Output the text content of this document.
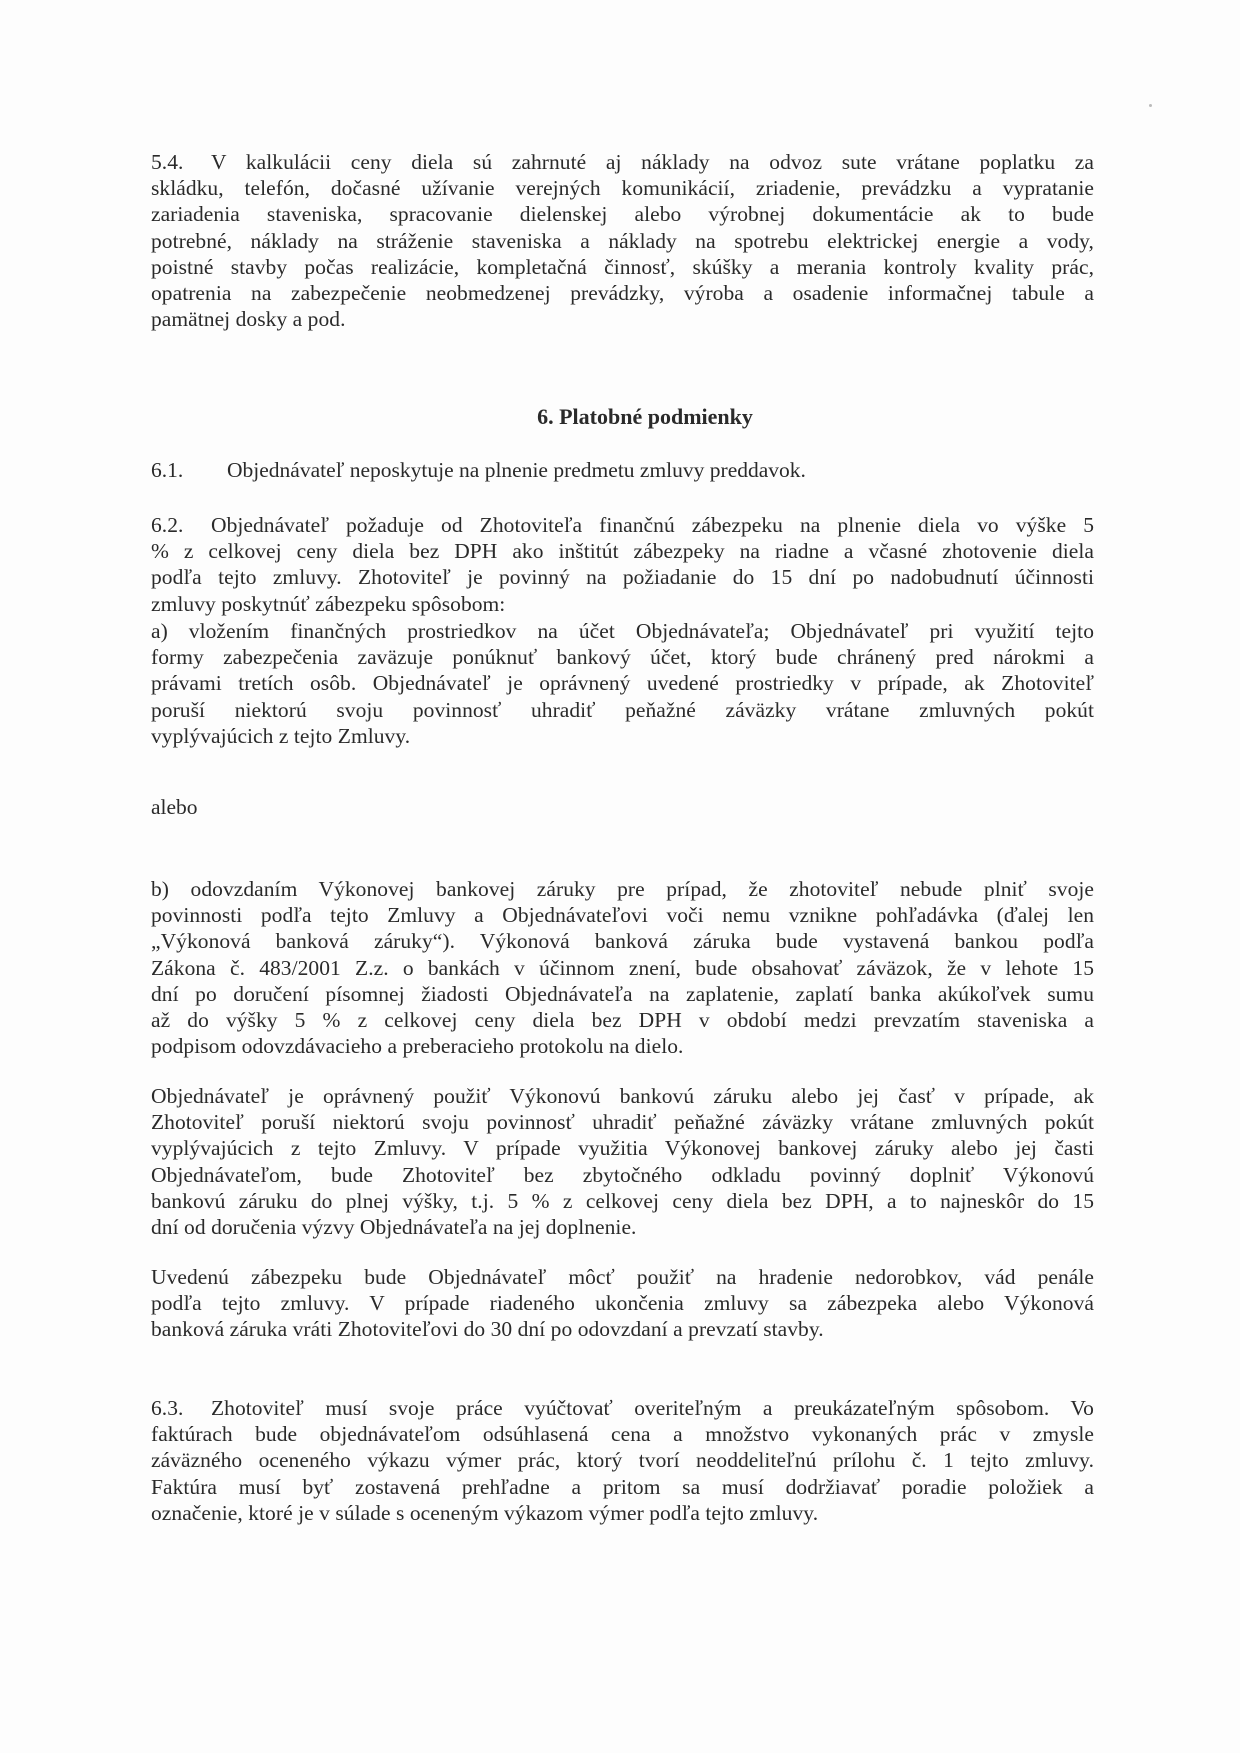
5.4. V kalkulácii ceny diela sú zahrnuté aj náklady na odvoz sute vrátane poplatku za
skládku, telefón, dočasné užívanie verejných komunikácií, zriadenie, prevádzku a vypratanie
zariadenia staveniska, spracovanie dielenskej alebo výrobnej dokumentácie ak to bude
potrebné, náklady na stráženie staveniska a náklady na spotrebu elektrickej energie a vody,
poistné stavby počas realizácie, kompletačná činnosť, skúšky a merania kontroly kvality prác,
opatrenia na zabezpečenie neobmedzenej prevádzky, výroba a osadenie informačnej tabule a
pamätnej dosky a pod.
6. Platobné podmienky
6.1. Objednávateľ neposkytuje na plnenie predmetu zmluvy preddavok.
6.2. Objednávateľ požaduje od Zhotoviteľa finančnú zábezpeku na plnenie diela vo výške 5
% z celkovej ceny diela bez DPH ako inštitút zábezpeky na riadne a včasné zhotovenie diela
podľa tejto zmluvy. Zhotoviteľ je povinný na požiadanie do 15 dní po nadobudnutí účinnosti
zmluvy poskytnúť zábezpeku spôsobom:
a) vložením finančných prostriedkov na účet Objednávateľa; Objednávateľ pri využití tejto
formy zabezpečenia zaväzuje ponúknuť bankový účet, ktorý bude chránený pred nárokmi a
právami tretích osôb. Objednávateľ je oprávnený uvedené prostriedky v prípade, ak Zhotoviteľ
poruší niektorú svoju povinnosť uhradiť peňažné záväzky vrátane zmluvných pokút
vyplývajúcich z tejto Zmluvy.
alebo
b) odovzdaním Výkonovej bankovej záruky pre prípad, že zhotoviteľ nebude plniť svoje
povinnosti podľa tejto Zmluvy a Objednávateľovi voči nemu vznikne pohľadávka (ďalej len
„Výkonová banková záruky“). Výkonová banková záruka bude vystavená bankou podľa
Zákona č. 483/2001 Z.z. o bankách v účinnom znení, bude obsahovať záväzok, že v lehote 15
dní po doručení písomnej žiadosti Objednávateľa na zaplatenie, zaplatí banka akúkoľvek sumu
až do výšky 5 % z celkovej ceny diela bez DPH v období medzi prevzatím staveniska a
podpisom odovzdávacieho a preberacieho protokolu na dielo.
Objednávateľ je oprávnený použiť Výkonovú bankovú záruku alebo jej časť v prípade, ak
Zhotoviteľ poruší niektorú svoju povinnosť uhradiť peňažné záväzky vrátane zmluvných pokút
vyplývajúcich z tejto Zmluvy. V prípade využitia Výkonovej bankovej záruky alebo jej časti
Objednávateľom, bude Zhotoviteľ bez zbytočného odkladu povinný doplniť Výkonovú
bankovú záruku do plnej výšky, t.j. 5 % z celkovej ceny diela bez DPH, a to najneskôr do 15
dní od doručenia výzvy Objednávateľa na jej doplnenie.
Uvedenú zábezpeku bude Objednávateľ môcť použiť na hradenie nedorobkov, vád penále
podľa tejto zmluvy. V prípade riadeného ukončenia zmluvy sa zábezpeka alebo Výkonová
banková záruka vráti Zhotoviteľovi do 30 dní po odovzdaní a prevzatí stavby.
6.3. Zhotoviteľ musí svoje práce vyúčtovať overiteľným a preukázateľným spôsobom. Vo
faktúrach bude objednávateľom odsúhlasená cena a množstvo vykonaných prác v zmysle
záväzného oceneného výkazu výmer prác, ktorý tvorí neoddeliteľnú prílohu č. 1 tejto zmluvy.
Faktúra musí byť zostavená prehľadne a pritom sa musí dodržiavať poradie položiek a
označenie, ktoré je v súlade s oceneným výkazom výmer podľa tejto zmluvy.
